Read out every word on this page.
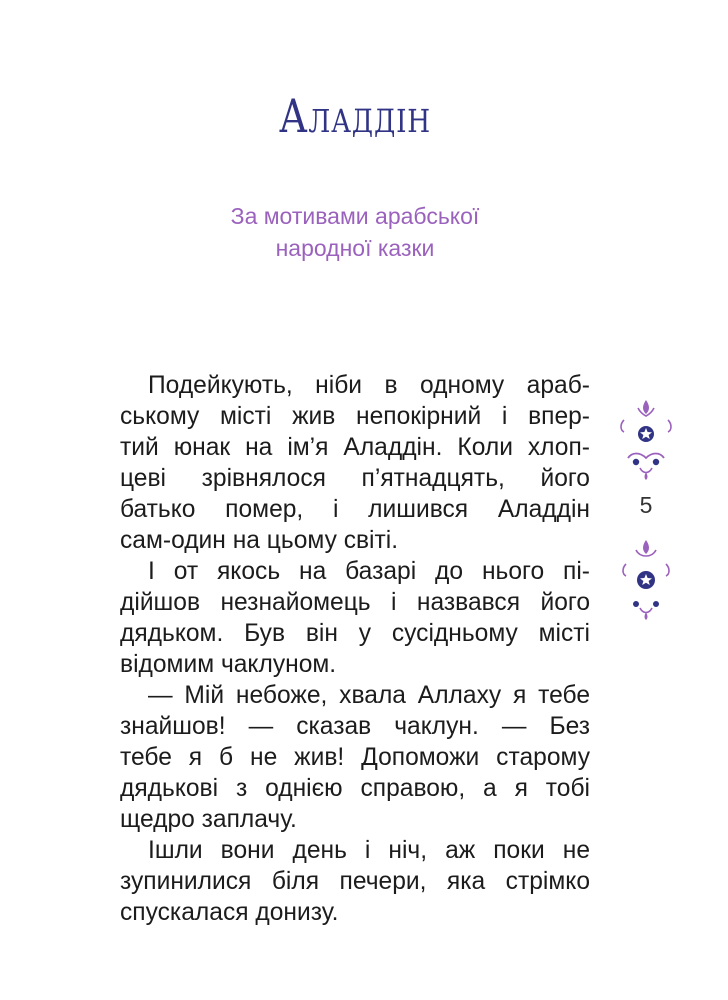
Аладдін
За мотивами арабської
народної казки
Подейкують, ніби в одному араб-
ському місті жив непокірний і впер-
тий юнак на ім’я Аладдін. Коли хлоп-
цеві зрівнялося п’ятнадцять, його
батько помер, і лишився Аладдін
сам-один на цьому світі.
І от якось на базарі до нього пі-
дійшов незнайомець і назвався його
дядьком. Був він у сусідньому місті
відомим чаклуном.
— Мій небоже, хвала Аллаху я тебе
знайшов! — сказав чаклун. — Без
тебе я б не жив! Допоможи старому
дядькові з однією справою, а я тобі
щедро заплачу.
Ішли вони день і ніч, аж поки не
зупинилися біля печери, яка стрімко
спускалася донизу.
5
